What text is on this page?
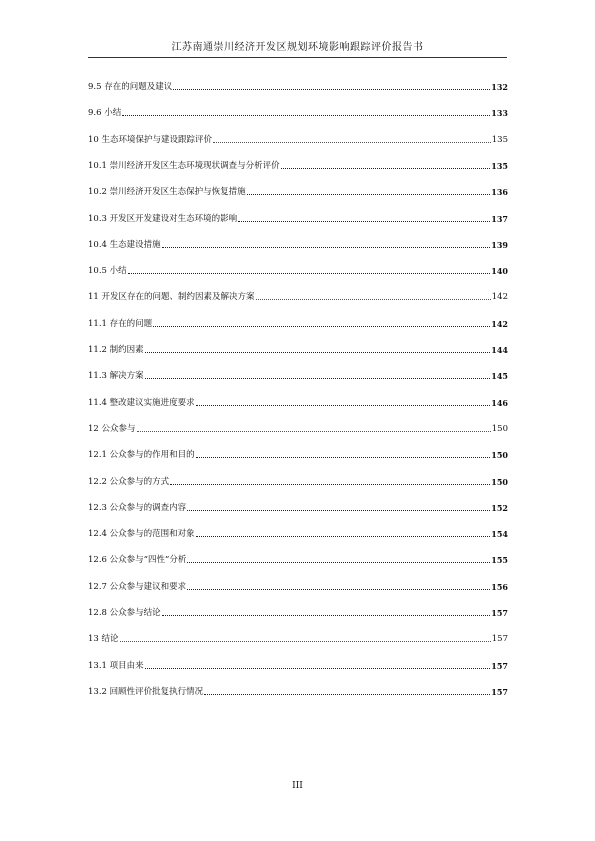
江苏南通崇川经济开发区规划环境影响跟踪评价报告书
9.5 存在的问题及建议	132
9.6 小结	133
10 生态环境保护与建设跟踪评价	135
10.1 崇川经济开发区生态环境现状调查与分析评价	135
10.2 崇川经济开发区生态保护与恢复措施	136
10.3 开发区开发建设对生态环境的影响	137
10.4 生态建设措施	139
10.5 小结	140
11 开发区存在的问题、制约因素及解决方案	142
11.1 存在的问题	142
11.2 制约因素	144
11.3 解决方案	145
11.4 整改建议实施进度要求	146
12 公众参与	150
12.1 公众参与的作用和目的	150
12.2 公众参与的方式	150
12.3 公众参与的调查内容	152
12.4 公众参与的范围和对象	154
12.6 公众参与“四性”分析	155
12.7 公众参与建议和要求	156
12.8 公众参与结论	157
13 结论	157
13.1 项目由来	157
13.2 回顾性评价批复执行情况	157
III
